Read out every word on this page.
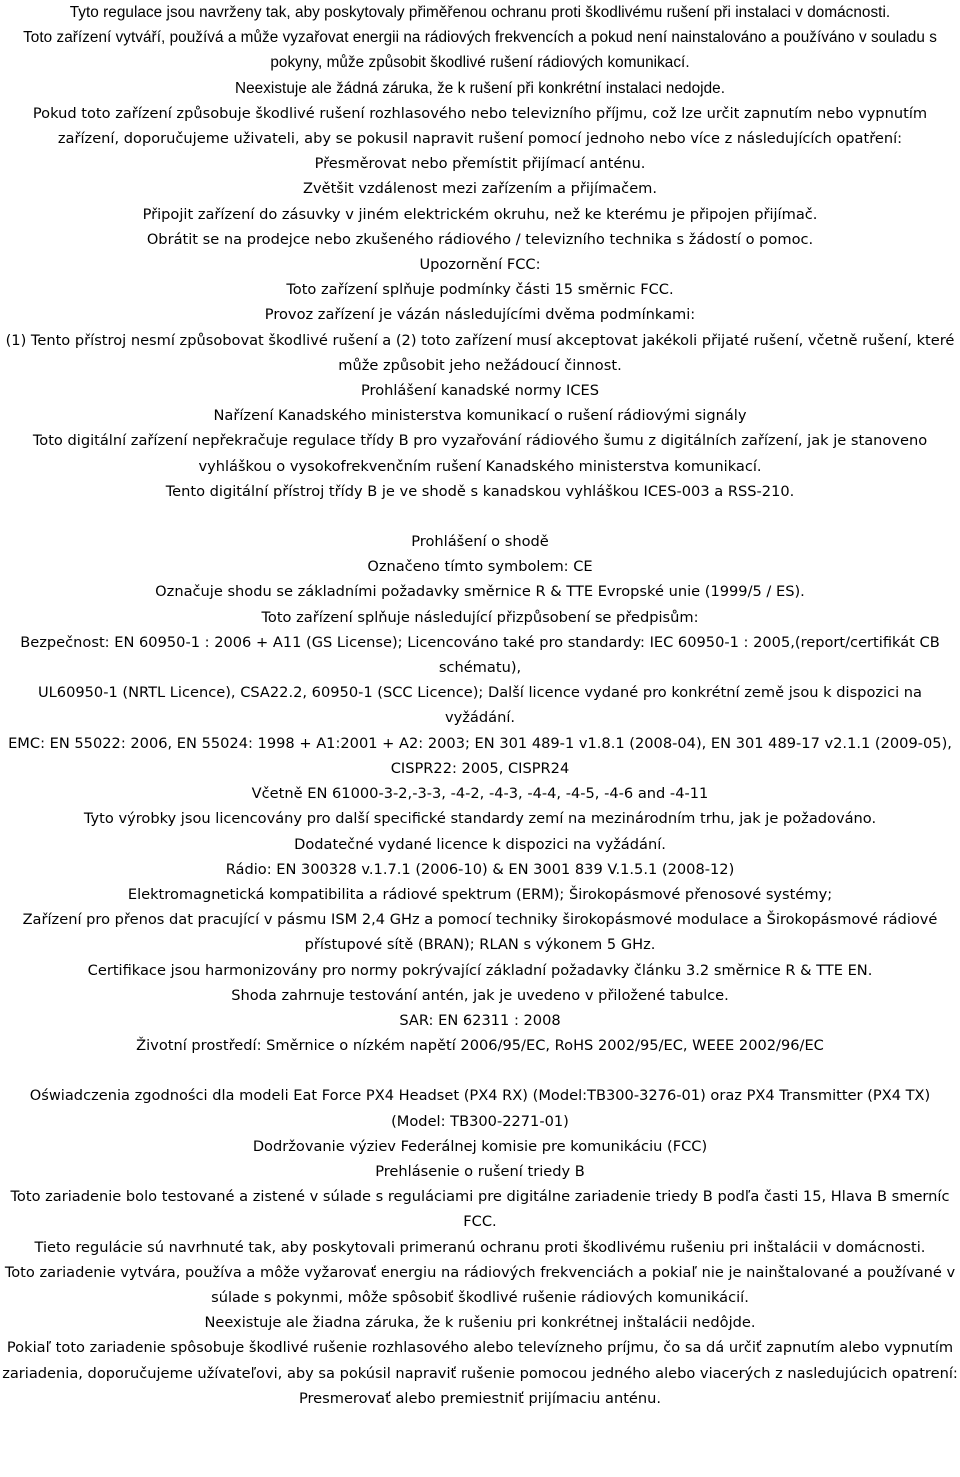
Tyto regulace jsou navrženy tak, aby poskytovaly přiměřenou ochranu proti škodlivému rušení při instalaci v domácnosti.

Toto zařízení vytváří, používá a může vyzařovat energii na rádiových frekvencích a pokud není nainstalováno a používáno v souladu s pokyny, může způsobit škodlivé rušení rádiových komunikací.

Neexistuje ale žádná záruka, že k rušení při konkrétní instalaci nedojde.

Pokud toto zařízení způsobuje škodlivé rušení rozhlasového nebo televizního příjmu, což lze určit zapnutím nebo vypnutím zařízení, doporučujeme uživateli, aby se pokusil napravit rušení pomocí jednoho nebo více z následujících opatření:

Přesměrovat nebo přemístit přijímací anténu.

Zvětšit vzdálenost mezi zařízením a přijímačem.

Připojit zařízení do zásuvky v jiném elektrickém okruhu, než ke kterému je připojen přijímač.

Obrátit se na prodejce nebo zkušeného rádiového / televizního technika s žádostí o pomoc.

Upozornění FCC:

Toto zařízení splňuje podmínky části 15 směrnic FCC.

Provoz zařízení je vázán následujícími dvěma podmínkami:

(1) Tento přístroj nesmí způsobovat škodlivé rušení a (2) toto zařízení musí akceptovat jakékoli přijaté rušení, včetně rušení, které může způsobit jeho nežádoucí činnost.

Prohlášení kanadské normy ICES

Nařízení Kanadského ministerstva komunikací o rušení rádiovými signály

Toto digitální zařízení nepřekračuje regulace třídy B pro vyzařování rádiového šumu z digitálních zařízení, jak je stanoveno vyhláškou o vysokofrekvenčním rušení Kanadského ministerstva komunikací.

Tento digitální přístroj třídy B je ve shodě s kanadskou vyhláškou ICES-003 a RSS-210.

Prohlášení o shodě

Označeno tímto symbolem: CE

Označuje shodu se základními požadavky směrnice R & TTE Evropské unie (1999/5 / ES).

Toto zařízení splňuje následující přizpůsobení se předpisům:

Bezpečnost: EN 60950-1 : 2006 + A11 (GS License); Licencováno také pro standardy: IEC 60950-1 : 2005,(report/certifikát CB schématu),

UL60950-1 (NRTL Licence), CSA22.2, 60950-1 (SCC Licence); Další licence vydané pro konkrétní země jsou k dispozici na vyžádání.

EMC: EN 55022: 2006, EN 55024: 1998 + A1:2001 + A2: 2003; EN 301 489-1 v1.8.1 (2008-04), EN 301 489-17 v2.1.1 (2009-05),

CISPR22: 2005, CISPR24

Včetně EN 61000-3-2,-3-3, -4-2, -4-3, -4-4, -4-5, -4-6 and -4-11

Tyto výrobky jsou licencovány pro další specifické standardy zemí na mezinárodním trhu, jak je požadováno.

Dodatečné vydané licence k dispozici na vyžádání.

Rádio: EN 300328 v.1.7.1 (2006-10) & EN 3001 839 V.1.5.1 (2008-12)

Elektromagnetická kompatibilita a rádiové spektrum (ERM); Širokopásmové přenosové systémy;

Zařízení pro přenos dat pracující v pásmu ISM 2,4 GHz a pomocí techniky širokopásmové modulace a Širokopásmové rádiové přístupové sítě (BRAN); RLAN s výkonem 5 GHz.

Certifikace jsou harmonizovány pro normy pokrývající základní požadavky článku 3.2 směrnice R & TTE EN.

Shoda zahrnuje testování antén, jak je uvedeno v přiložené tabulce.

SAR: EN 62311 : 2008

Životní prostředí: Směrnice o nízkém napětí 2006/95/EC, RoHS 2002/95/EC, WEEE 2002/96/EC

Oświadczenia zgodności dla modeli Eat Force PX4 Headset (PX4 RX) (Model:TB300-3276-01) oraz PX4 Transmitter (PX4 TX) (Model: TB300-2271-01)

Dodržovanie výziev Federálnej komisie pre komunikáciu (FCC)

Prehlásenie o rušení triedy B

Toto zariadenie bolo testované a zistené v súlade s reguláciami pre digitálne zariadenie triedy B podľa časti 15, Hlava B smerníc FCC.

Tieto regulácie sú navrhnuté tak, aby poskytovali primeranú ochranu proti škodlivému rušeniu pri inštalácii v domácnosti.

Toto zariadenie vytvára, používa a môže vyžarovať energiu na rádiových frekvenciách a pokiaľ nie je nainštalované a používané v súlade s pokynmi, môže spôsobiť škodlivé rušenie rádiových komunikácií.

Neexistuje ale žiadna záruka, že k rušeniu pri konkrétnej inštalácii nedôjde.

Pokiaľ toto zariadenie spôsobuje škodlivé rušenie rozhlasového alebo televízneho príjmu, čo sa dá určiť zapnutím alebo vypnutím zariadenia, doporučujeme užívateľovi, aby sa pokúsil napraviť rušenie pomocou jedného alebo viacerých z nasledujúcich opatrení:

Presmerovať alebo premiestniť prijímaciu anténu.
